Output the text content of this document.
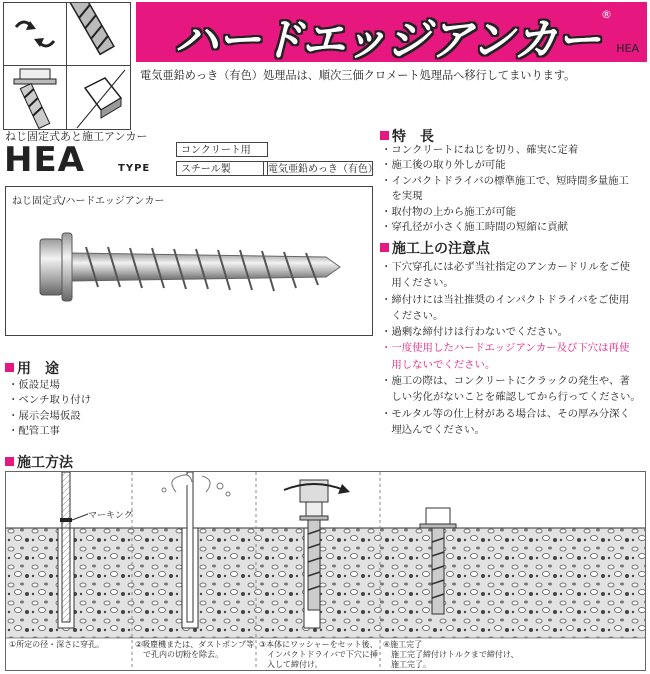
ハードエッジアンカー
®
HEA
電気亜鉛めっき（有色）処理品は、順次三価クロメート処理品へ移行してまいります。
ねじ固定式あと施工アンカー
HEA	TYPE
コンクリート用
スチール製	電気亜鉛めっき（有色）
ねじ固定式/ハードエッジアンカー
特　長
・コンクリートにねじを切り、確実に定着
・施工後の取り外しが可能
・インパクトドライバの標準施工で、短時間多量施工
　を実現
・取付物の上から施工が可能
・穿孔径が小さく施工時間の短縮に貢献
施工上の注意点
・下穴穿孔には必ず当社指定のアンカードリルをご使
　用ください。
・締付けには当社推奨のインパクトドライバをご使用
　ください。
・過剰な締付けは行わないでください。
・一度使用したハードエッジアンカー及び下穴は再使
　用しないでください。
・施工の際は、コンクリートにクラックの発生や、著
　しい劣化がないことを確認してから行ってください。
・モルタル等の仕上材がある場合は、その厚み分深く
　埋込んでください。
用　途
・仮設足場
・ベンチ取り付け
・展示会場仮設
・配管工事
施工方法
マーキング
①所定の径・深さに穿孔。	②吸塵機または、ダストポンプ等
　で孔内の切粉を除去。
③本体にワッシャーをセット後、
　インパクトドライバで下穴に挿
　入して締付け。
④施工完了
　施工完了締付けトルクまで締付け、
　施工完了。
